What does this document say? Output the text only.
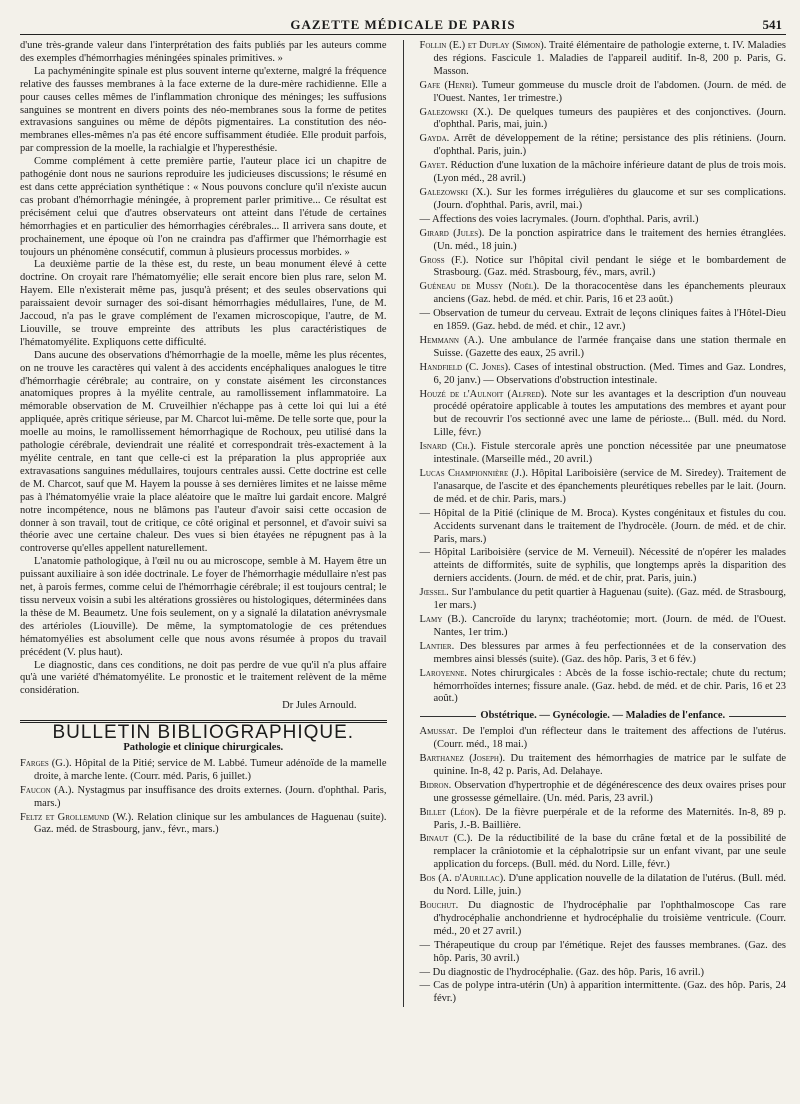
GAZETTE MÉDICALE DE PARIS	541

d'une très-grande valeur dans l'interprétation des faits publiés par les auteurs comme des exemples d'hémorrhagies méningées spinales primitives. »

La pachyméningite spinale est plus souvent interne qu'externe, malgré la fréquence relative des fausses membranes à la face externe de la dure-mère rachidienne. Elle a pour causes celles mêmes de l'inflammation chronique des méninges; les suffusions sanguines se montrent en divers points des néo-membranes sous la forme de petites extravasions sanguines ou même de dépôts pigmentaires. La constitution des néo-membranes elles-mêmes n'a pas été encore suffisamment étudiée. Elle produit parfois, par compression de la moelle, la rachialgie et l'hyperesthésie.

Comme complément à cette première partie, l'auteur place ici un chapitre de pathogénie dont nous ne saurions reproduire les judicieuses discussions; le résumé en est dans cette appréciation synthétique : « Nous pouvons conclure qu'il n'existe aucun cas probant d'hémorrhagie méningée, à proprement parler primitive... Ce résultat est précisément celui que d'autres observateurs ont atteint dans l'étude de certaines hémorrhagies et en particulier des hémorrhagies cérébrales... Il arrivera sans doute, et prochainement, une époque où l'on ne craindra pas d'affirmer que l'hémorrhagie est toujours un phénomène consécutif, commun à plusieurs processus morbides. »

La deuxième partie de la thèse est, du reste, un beau monument élevé à cette doctrine. On croyait rare l'hématomyélie; elle serait encore bien plus rare, selon M. Hayem. Elle n'existerait même pas, jusqu'à présent; et des seules observations qui paraissaient devoir surnager des soi-disant hémorrhagies médullaires, l'une, de M. Jaccoud, n'a pas le grave complément de l'examen microscopique, l'autre, de M. Liouville, se trouve empreinte des attributs les plus caractéristiques de l'hématomyélite. Expliquons cette difficulté.

Dans aucune des observations d'hémorrhagie de la moelle, même les plus récentes, on ne trouve les caractères qui valent à des accidents encéphaliques analogues le titre d'hémorrhagie cérébrale; au contraire, on y constate aisément les circonstances anatomiques propres à la myélite centrale, au ramollissement inflammatoire. La mémorable observation de M. Cruveilhier n'échappe pas à cette loi qui lui a été appliquée, après critique sérieuse, par M. Charcot lui-même. De telle sorte que, pour la moelle au moins, le ramollissement hémorrhagique de Rochoux, peu utilisé dans la pathologie cérébrale, deviendrait une réalité et correspondrait très-exactement à la myélite centrale, en tant que celle-ci est la préparation la plus appropriée aux extravasations sanguines médullaires, toujours centrales aussi. Cette doctrine est celle de M. Charcot, sauf que M. Hayem la pousse à ses dernières limites et ne laisse même pas à l'hématomyélie vraie la place aléatoire que le maître lui gardait encore. Malgré notre incompétence, nous ne blâmons pas l'auteur d'avoir saisi cette occasion de donner à son travail, tout de critique, ce côté original et personnel, et d'avoir suivi sa théorie avec une certaine chaleur. Des vues si bien étayées ne répugnent pas à la controverse qu'elles appellent naturellement.

L'anatomie pathologique, à l'œil nu ou au microscope, semble à M. Hayem être un puissant auxiliaire à son idée doctrinale. Le foyer de l'hémorrhagie médullaire n'est pas net, à parois fermes, comme celui de l'hémorrhagie cérébrale; il est toujours central; le tissu nerveux voisin a subi les altérations grossières ou histologiques, déterminées dans la thèse de M. Beaumetz. Une fois seulement, on y a signalé la dilatation anévrysmale des artérioles (Liouville). De même, la symptomatologie de ces prétendues hématomyélies est absolument celle que nous avons résumée à propos du travail précédent (V. plus haut).

Le diagnostic, dans ces conditions, ne doit pas perdre de vue qu'il n'a plus affaire qu'à une variété d'hématomyélite. Le pronostic et le traitement relèvent de la même considération.

Dr Jules Arnould.
BULLETIN BIBLIOGRAPHIQUE.
Pathologie et clinique chirurgicales.
Farges (G.). Hôpital de la Pitié; service de M. Labbé. Tumeur adénoïde de la mamelle droite, à marche lente. (Courr. méd. Paris, 6 juillet.)
Faucon (A.). Nystagmus par insuffisance des droits externes. (Journ. d'ophthal. Paris, mars.)
Feltz et Grollemund (W.). Relation clinique sur les ambulances de Haguenau (suite). Gaz. méd. de Strasbourg, janv., févr., mars.)
Follin (E.) et Duplay (Simon). Traité élémentaire de pathologie externe, t. IV. Maladies des régions. Fascicule 1. Maladies de l'appareil auditif. In-8, 200 p. Paris, G. Masson.
Gafe (Henri). Tumeur gommeuse du muscle droit de l'abdomen. (Journ. de méd. de l'Ouest. Nantes, 1er trimestre.)
Galezowski (X.). De quelques tumeurs des paupières et des conjonctives. (Journ. d'ophthal. Paris, mai, juin.)
Gayda. Arrêt de développement de la rétine; persistance des plis rétiniens. (Journ. d'ophthal. Paris, juin.)
Gayet. Réduction d'une luxation de la mâchoire inférieure datant de plus de trois mois. (Lyon méd., 28 avril.)
Galezowski (X.). Sur les formes irrégulières du glaucome et sur ses complications. (Journ. d'ophthal. Paris, avril, mai.)
— Affections des voies lacrymales. (Journ. d'ophthal. Paris, avril.)
Girard (Jules). De la ponction aspiratrice dans le traitement des hernies étranglées. (Un. méd., 18 juin.)
Gross (F.). Notice sur l'hôpital civil pendant le siége et le bombardement de Strasbourg. (Gaz. méd. Strasbourg, fév., mars, avril.)
Guéneau de Mussy (Noël). De la thoracocentèse dans les épanchements pleuraux anciens (Gaz. hebd. de méd. et chir. Paris, 16 et 23 août.)
— Observation de tumeur du cerveau. Extrait de leçons cliniques faites à l'Hôtel-Dieu en 1859. (Gaz. hebd. de méd. et chir., 12 avr.)
Hemmann (A.). Une ambulance de l'armée française dans une station thermale en Suisse. (Gazette des eaux, 25 avril.)
Handfield (C. Jones). Cases of intestinal obstruction. (Med. Times and Gaz. Londres, 6, 20 janv.) — Observations d'obstruction intestinale.
Houzé de l'Aulnoit (Alfred). Note sur les avantages et la description d'un nouveau procédé opératoire applicable à toutes les amputations des membres et ayant pour but de recouvrir l'os sectionné avec une lame de périoste... (Bull. méd. du Nord. Lille, févr.)
Isnard (Ch.). Fistule stercorale après une ponction nécessitée par une pneumatose intestinale. (Marseille méd., 20 avril.)
Lucas Championnière (J.). Hôpital Lariboisière (service de M. Siredey). Traitement de l'anasarque, de l'ascite et des épanchements pleurétiques rebelles par le lait. (Journ. de méd. et de chir. Paris, mars.)
— Hôpital de la Pitié (clinique de M. Broca). Kystes congénitaux et fistules du cou. Accidents survenant dans le traitement de l'hydrocèle. (Journ. de méd. et de chir. Paris, mars.)
— Hôpital Lariboisière (service de M. Verneuil). Nécessité de n'opérer les malades atteints de difformités, suite de syphilis, que longtemps après la disparition des derniers accidents. (Journ. de méd. et de chir, prat. Paris, juin.)
Jœssel. Sur l'ambulance du petit quartier à Haguenau (suite). (Gaz. méd. de Strasbourg, 1er mars.)
Lamy (B.). Cancroïde du larynx; trachéotomie; mort. (Journ. de méd. de l'Ouest. Nantes, 1er trim.)
Lantier. Des blessures par armes à feu perfectionnées et de la conservation des membres ainsi blessés (suite). (Gaz. des hôp. Paris, 3 et 6 fév.)
Laroyenne. Notes chirurgicales : Abcès de la fosse ischio-rectale; chute du rectum; hémorrhoïdes internes; fissure anale. (Gaz. hebd. de méd. et de chir. Paris, 16 et 23 août.)
Obstétrique. — Gynécologie. — Maladies de l'enfance.
Amussat. De l'emploi d'un réflecteur dans le traitement des affections de l'utérus. (Courr. méd., 18 mai.)
Barthanez (Joseph). Du traitement des hémorrhagies de matrice par le sulfate de quinine. In-8, 42 p. Paris, Ad. Delahaye.
Bidron. Observation d'hypertrophie et de dégénérescence des deux ovaires prises pour une grossesse gémellaire. (Un. méd. Paris, 23 avril.)
Billet (Léon). De la fièvre puerpérale et de la reforme des Maternités. In-8, 89 p. Paris, J.-B. Baillière.
Binaut (C.). De la réductibilité de la base du crâne fœtal et de la possibilité de remplacer la crâniotomie et la céphalotripsie sur un enfant vivant, par une seule application du forceps. (Bull. méd. du Nord. Lille, févr.)
Bos (A. d'Aurillac). D'une application nouvelle de la dilatation de l'utérus. (Bull. méd. du Nord. Lille, juin.)
Bouchut. Du diagnostic de l'hydrocéphalie par l'ophthalmoscope Cas rare d'hydrocéphalie anchondrienne et hydrocéphalie du troisième ventricule. (Courr. méd., 20 et 27 avril.)
— Thérapeutique du croup par l'émétique. Rejet des fausses membranes. (Gaz. des hôp. Paris, 30 avril.)
— Du diagnostic de l'hydrocéphalie. (Gaz. des hôp. Paris, 16 avril.)
— Cas de polype intra-utérin (Un) à apparition intermittente. (Gaz. des hôp. Paris, 24 févr.)
